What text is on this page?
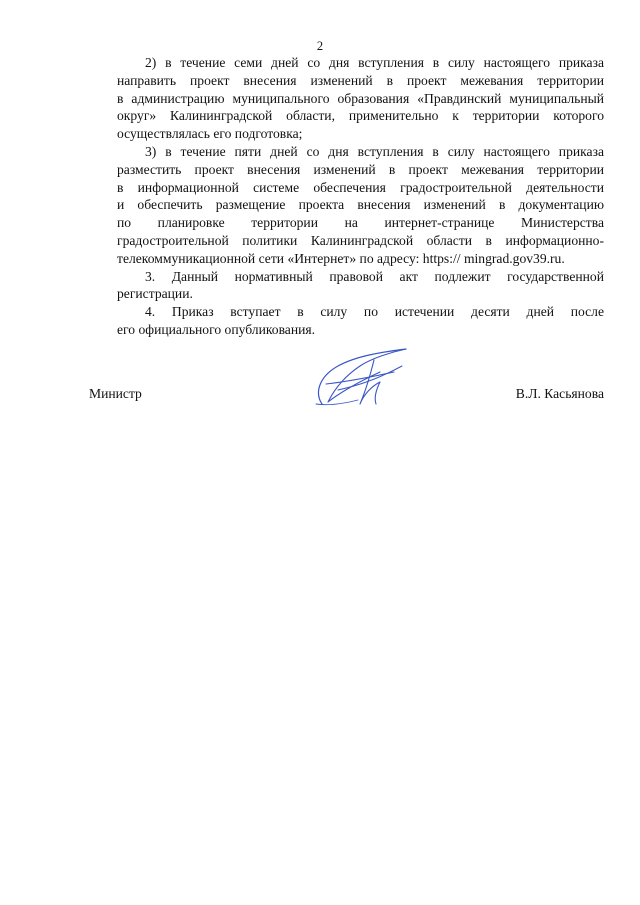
2

2) в течение семи дней со дня вступления в силу настоящего приказа
направить проект внесения изменений в проект межевания территории
в администрацию муниципального образования «Правдинский муниципальный
округ» Калининградской области, применительно к территории которого
осуществлялась его подготовка;

3) в течение пяти дней со дня вступления в силу настоящего приказа
разместить проект внесения изменений в проект межевания территории
в информационной системе обеспечения градостроительной деятельности
и обеспечить размещение проекта внесения изменений в документацию
по планировке территории на интернет-странице Министерства
градостроительной политики Калининградской области в информационно-
телекоммуникационной сети «Интернет» по адресу: https:// mingrad.gov39.ru.

3. Данный нормативный правовой акт подлежит государственной
регистрации.

4. Приказ вступает в силу по истечении десяти дней после
его официального опубликования.

Министр	В.Л. Касьянова
